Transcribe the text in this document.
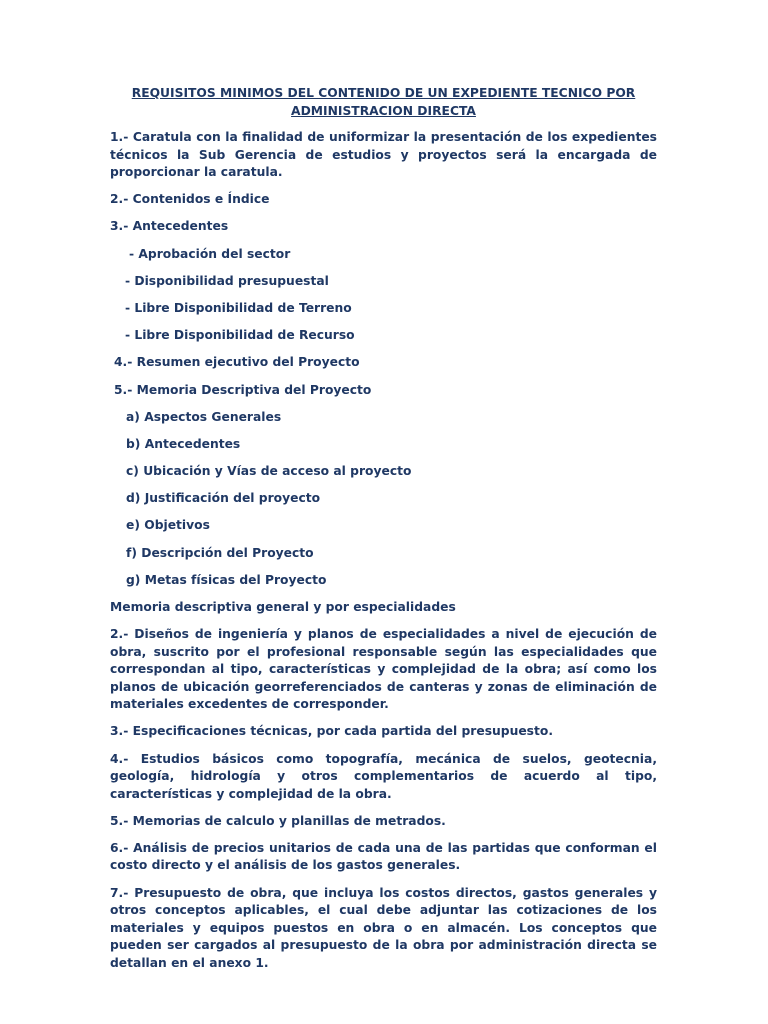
REQUISITOS MINIMOS DEL CONTENIDO DE UN EXPEDIENTE TECNICO POR ADMINISTRACION DIRECTA

1.- Caratula con la finalidad de uniformizar la presentación de los expedientes técnicos la Sub Gerencia de estudios y proyectos será la encargada de proporcionar la caratula.

2.- Contenidos e Índice

3.- Antecedentes

- Aprobación del sector

- Disponibilidad presupuestal

- Libre Disponibilidad de Terreno

- Libre Disponibilidad de Recurso

4.- Resumen ejecutivo del Proyecto

5.- Memoria Descriptiva del Proyecto

a) Aspectos Generales

b) Antecedentes

c) Ubicación y Vías de acceso al proyecto

d) Justificación del proyecto

e) Objetivos

f) Descripción del Proyecto

g) Metas físicas del Proyecto

Memoria descriptiva general y por especialidades

2.- Diseños de ingeniería y planos de especialidades a nivel de ejecución de obra, suscrito por el profesional responsable según las especialidades que correspondan al tipo, características y complejidad de la obra; así como los planos de ubicación georreferenciados de canteras y zonas de eliminación de materiales excedentes de corresponder.

3.- Especificaciones técnicas, por cada partida del presupuesto.

4.- Estudios básicos como topografía, mecánica de suelos, geotecnia, geología, hidrología y otros complementarios de acuerdo al tipo, características y complejidad de la obra.

5.- Memorias de calculo y planillas de metrados.

6.- Análisis de precios unitarios de cada una de las partidas que conforman el costo directo y el análisis de los gastos generales.

7.- Presupuesto de obra, que incluya los costos directos, gastos generales y otros conceptos aplicables, el cual debe adjuntar las cotizaciones de los materiales y equipos puestos en obra o en almacén. Los conceptos que pueden ser cargados al presupuesto de la obra por administración directa se detallan en el anexo 1.
